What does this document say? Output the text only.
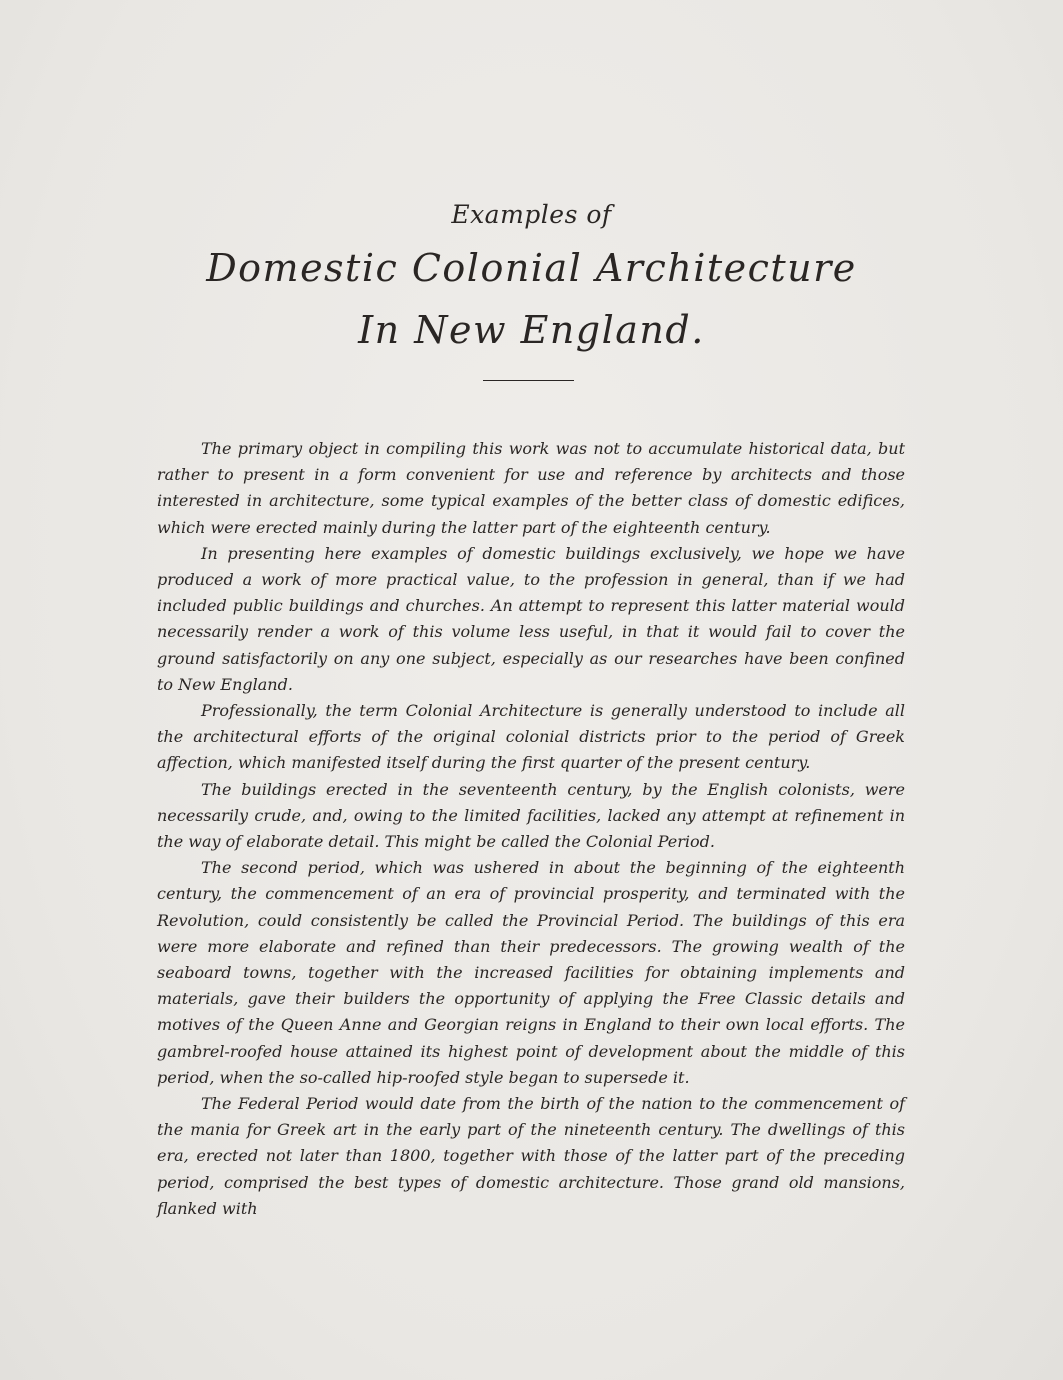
Examples of
Domestic Colonial Architecture
In New England.

The primary object in compiling this work was not to accumulate historical data, but rather to present in a form convenient for use and reference by architects and those interested in architecture, some typical examples of the better class of domestic edifices, which were erected mainly during the latter part of the eighteenth century.

In presenting here examples of domestic buildings exclusively, we hope we have produced a work of more practical value, to the profession in general, than if we had included public buildings and churches. An attempt to represent this latter material would necessarily render a work of this volume less useful, in that it would fail to cover the ground satisfactorily on any one subject, especially as our researches have been confined to New England.

Professionally, the term Colonial Architecture is generally understood to include all the architectural efforts of the original colonial districts prior to the period of Greek affection, which manifested itself during the first quarter of the present century.

The buildings erected in the seventeenth century, by the English colonists, were necessarily crude, and, owing to the limited facilities, lacked any attempt at refinement in the way of elaborate detail. This might be called the Colonial Period.

The second period, which was ushered in about the beginning of the eighteenth century, the commencement of an era of provincial prosperity, and terminated with the Revolution, could consistently be called the Provincial Period. The buildings of this era were more elaborate and refined than their predecessors. The growing wealth of the seaboard towns, together with the increased facilities for obtaining implements and materials, gave their builders the opportunity of applying the Free Classic details and motives of the Queen Anne and Georgian reigns in England to their own local efforts. The gambrel-roofed house attained its highest point of development about the middle of this period, when the so-called hip-roofed style began to supersede it.

The Federal Period would date from the birth of the nation to the commencement of the mania for Greek art in the early part of the nineteenth century. The dwellings of this era, erected not later than 1800, together with those of the latter part of the preceding period, comprised the best types of domestic architecture. Those grand old mansions, flanked with
